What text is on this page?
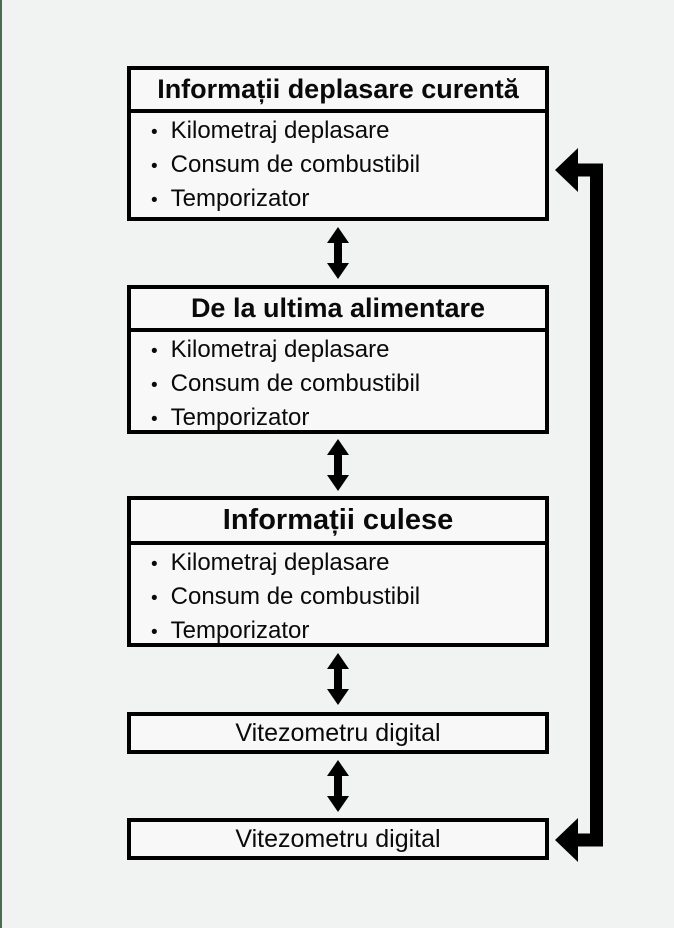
Informații deplasare curentă
• Kilometraj deplasare
• Consum de combustibil
• Temporizator
De la ultima alimentare
• Kilometraj deplasare
• Consum de combustibil
• Temporizator
Informații culese
• Kilometraj deplasare
• Consum de combustibil
• Temporizator
Vitezometru digital
Vitezometru digital
